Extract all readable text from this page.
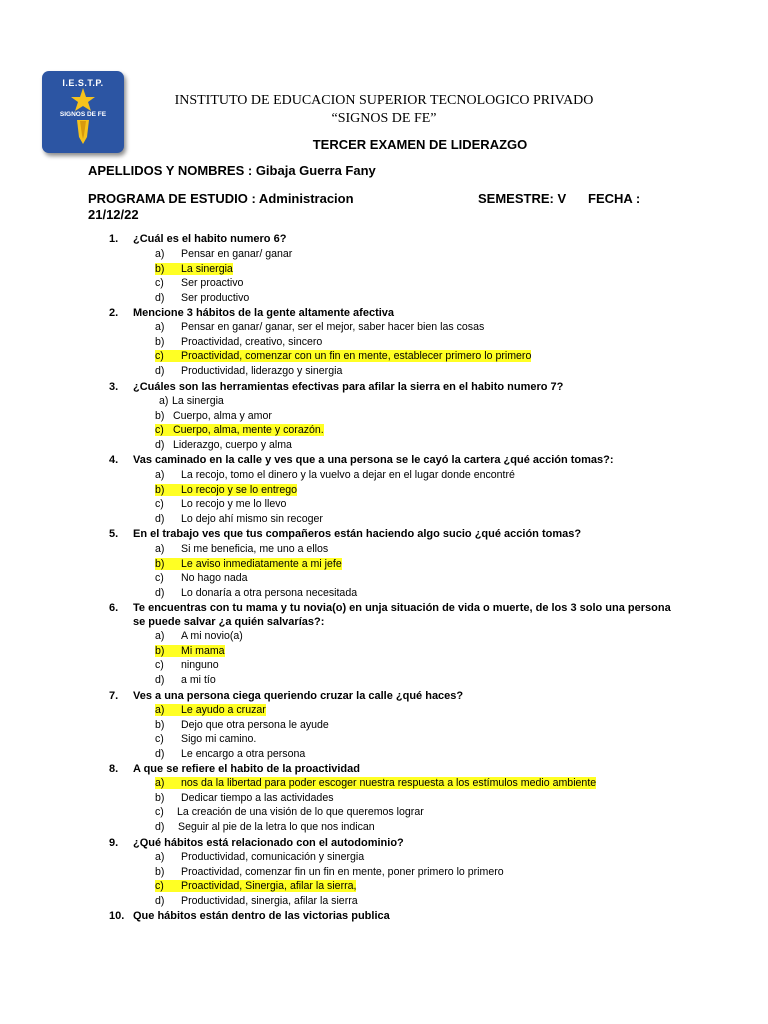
I.E.S.T.P.
SIGNOS DE FE
INSTITUTO DE EDUCACION SUPERIOR TECNOLOGICO PRIVADO
“SIGNOS DE FE”
TERCER EXAMEN DE LIDERAZGO
APELLIDOS Y NOMBRES : Gibaja Guerra Fany
PROGRAMA DE ESTUDIO : Administracion	SEMESTRE: V FECHA :
21/12/22
1. ¿Cuál es el habito numero 6?
a) Pensar en ganar/ ganar
b) La sinergia
c) Ser proactivo
d) Ser productivo
2. Mencione 3 hábitos de la gente altamente afectiva
a) Pensar en ganar/ ganar, ser el mejor, saber hacer bien las cosas
b) Proactividad, creativo, sincero
c) Proactividad, comenzar con un fin en mente, establecer primero lo primero
d) Productividad, liderazgo y sinergia
3. ¿Cuáles son las herramientas efectivas para afilar la sierra en el habito numero 7?
a) La sinergia
b) Cuerpo, alma y amor
c) Cuerpo, alma, mente y corazón.
d) Liderazgo, cuerpo y alma
4. Vas caminado en la calle y ves que a una persona se le cayó la cartera ¿qué acción tomas?:
a) La recojo, tomo el dinero y la vuelvo a dejar en el lugar donde encontré
b) Lo recojo y se lo entrego
c) Lo recojo y me lo llevo
d) Lo dejo ahí mismo sin recoger
5. En el trabajo ves que tus compañeros están haciendo algo sucio ¿qué acción tomas?
a) Si me beneficia, me uno a ellos
b) Le aviso inmediatamente a mi jefe
c) No hago nada
d) Lo donaría a otra persona necesitada
6. Te encuentras con tu mama y tu novia(o) en unja situación de vida o muerte, de los 3 solo una persona
se puede salvar ¿a quién salvarías?:
a) A mi novio(a)
b) Mi mama
c) ninguno
d) a mi tío
7. Ves a una persona ciega queriendo cruzar la calle ¿qué haces?
a) Le ayudo a cruzar
b) Dejo que otra persona le ayude
c) Sigo mi camino.
d) Le encargo a otra persona
8. A que se refiere el habito de la proactividad
a) nos da la libertad para poder escoger nuestra respuesta a los estímulos medio ambiente
b) Dedicar tiempo a las actividades
c) La creación de una visión de lo que queremos lograr
d) Seguir al pie de la letra lo que nos indican
9. ¿Qué hábitos está relacionado con el autodominio?
a) Productividad, comunicación y sinergia
b) Proactividad, comenzar fin un fin en mente, poner primero lo primero
c) Proactividad, Sinergia, afilar la sierra,
d) Productividad, sinergia, afilar la sierra
10. Que hábitos están dentro de las victorias publica
